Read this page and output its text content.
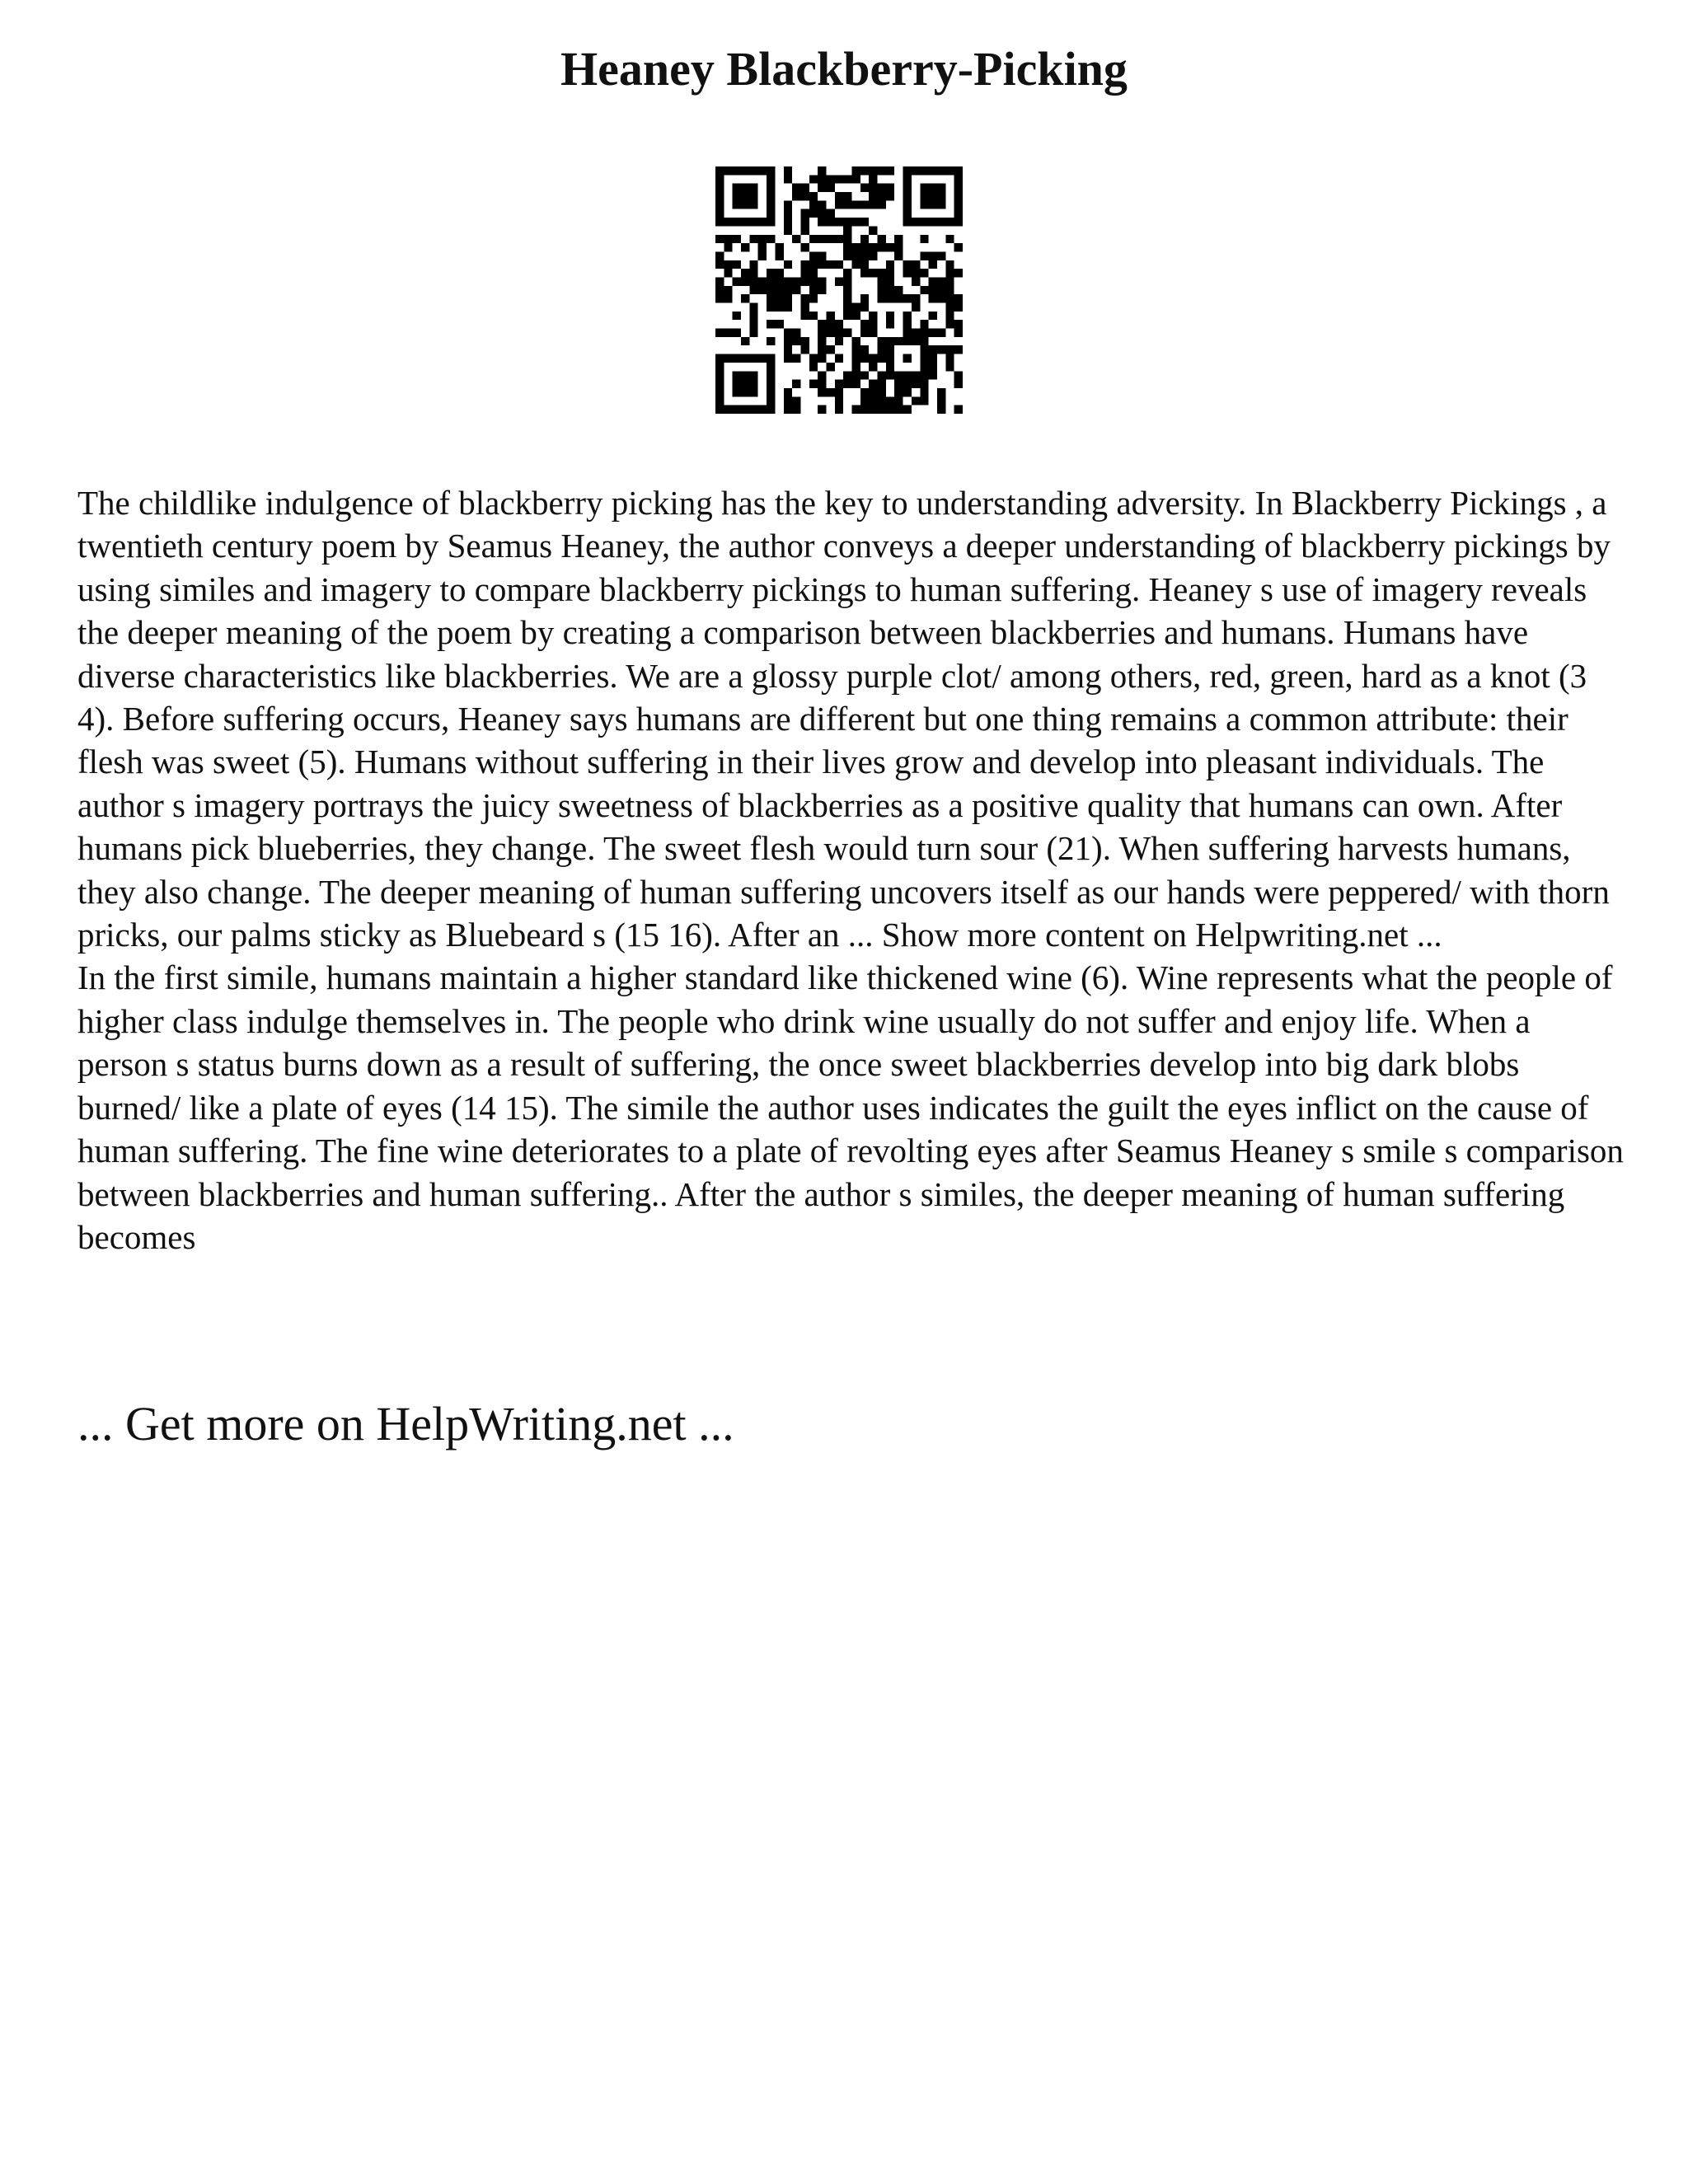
Heaney Blackberry-Picking

The childlike indulgence of blackberry picking has the key to understanding adversity. In Blackberry Pickings , a twentieth century poem by Seamus Heaney, the author conveys a deeper understanding of blackberry pickings by using similes and imagery to compare blackberry pickings to human suffering. Heaney s use of imagery reveals the deeper meaning of the poem by creating a comparison between blackberries and humans. Humans have diverse characteristics like blackberries. We are a glossy purple clot/ among others, red, green, hard as a knot (3 4). Before suffering occurs, Heaney says humans are different but one thing remains a common attribute: their flesh was sweet (5). Humans without suffering in their lives grow and develop into pleasant individuals. The author s imagery portrays the juicy sweetness of blackberries as a positive quality that humans can own. After humans pick blueberries, they change. The sweet flesh would turn sour (21). When suffering harvests humans, they also change. The deeper meaning of human suffering uncovers itself as our hands were peppered/ with thorn pricks, our palms sticky as Bluebeard s (15 16). After an ... Show more content on Helpwriting.net ...

In the first simile, humans maintain a higher standard like thickened wine (6). Wine represents what the people of higher class indulge themselves in. The people who drink wine usually do not suffer and enjoy life. When a person s status burns down as a result of suffering, the once sweet blackberries develop into big dark blobs burned/ like a plate of eyes (14 15). The simile the author uses indicates the guilt the eyes inflict on the cause of human suffering. The fine wine deteriorates to a plate of revolting eyes after Seamus Heaney s smile s comparison between blackberries and human suffering.. After the author s similes, the deeper meaning of human suffering becomes

... Get more on HelpWriting.net ...
